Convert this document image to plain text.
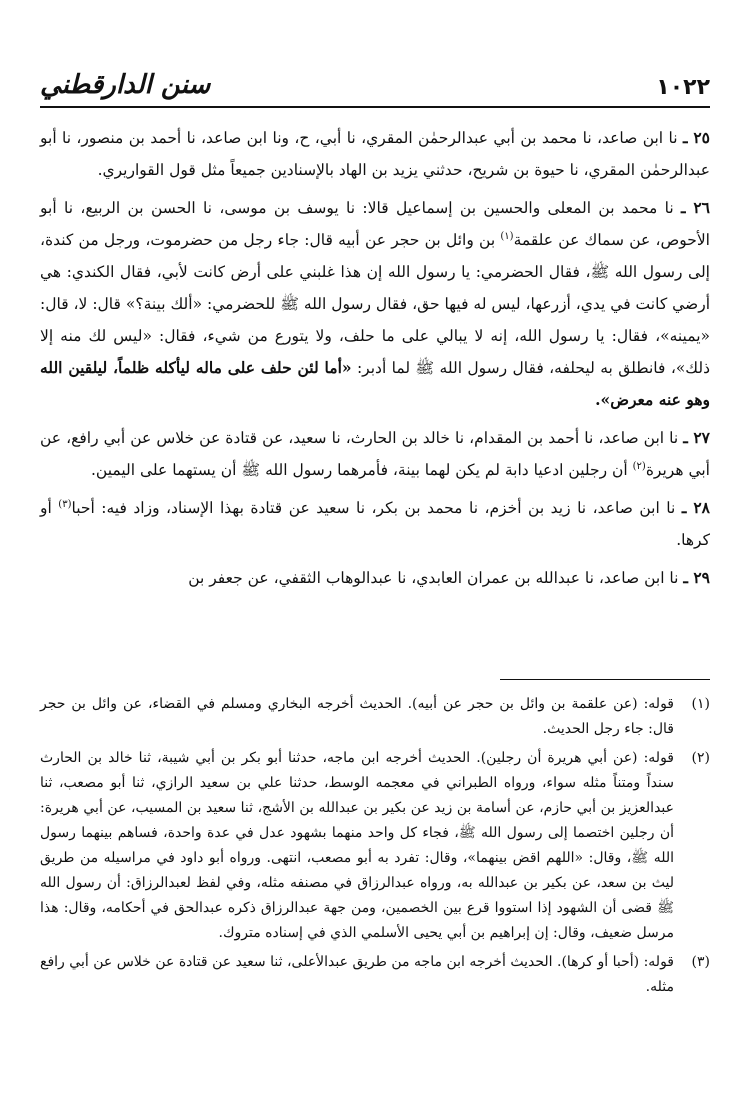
١٠٢٢
سنن الدارقطني

٢٥ ـ نا ابن صاعد، نا محمد بن أبي عبدالرحمٰن المقري، نا أبي، ح، ونا ابن صاعد، نا أحمد بن منصور، نا أبو عبدالرحمٰن المقري، نا حيوة بن شريح، حدثني يزيد بن الهاد بالإسنادين جميعاً مثل قول القواريري.

٢٦ ـ نا محمد بن المعلى والحسين بن إسماعيل قالا: نا يوسف بن موسى، نا الحسن بن الربيع، نا أبو الأحوص، عن سماك عن علقمة$^{(١)}$ بن وائل بن حجر عن أبيه قال: جاء رجل من حضرموت، ورجل من كندة، إلى رسول الله ﷺ، فقال الحضرمي: يا رسول الله إن هذا غلبني على أرض كانت لأبي، فقال الكندي: هي أرضي كانت في يدي، أزرعها، ليس له فيها حق، فقال رسول الله ﷺ للحضرمي: «ألك بينة؟» قال: لا، قال: «يمينه»، فقال: يا رسول الله، إنه لا يبالي على ما حلف، ولا يتورع من شيء، فقال: «ليس لك منه إلا ذلك»، فانطلق به ليحلفه، فقال رسول الله ﷺ لما أدبر: «أما لئن حلف على ماله ليأكله ظلماً، ليلقين الله وهو عنه معرض».

٢٧ ـ نا ابن صاعد، نا أحمد بن المقدام، نا خالد بن الحارث، نا سعيد، عن قتادة عن خلاس عن أبي رافع، عن أبي هريرة$^{(٢)}$ أن رجلين ادعيا دابة لم يكن لهما بينة، فأمرهما رسول الله ﷺ أن يستهما على اليمين.

٢٨ ـ نا ابن صاعد، نا زيد بن أخزم، نا محمد بن بكر، نا سعيد عن قتادة بهذا الإسناد، وزاد فيه: أحبا$^{(٣)}$ أو كرها.

٢٩ ـ نا ابن صاعد، نا عبدالله بن عمران العابدي، نا عبدالوهاب الثقفي، عن جعفر بن

(١)
قوله: (عن علقمة بن وائل بن حجر عن أبيه). الحديث أخرجه البخاري ومسلم في القضاء، عن وائل بن حجر قال: جاء رجل الحديث.
(٢)
قوله: (عن أبي هريرة أن رجلين). الحديث أخرجه ابن ماجه، حدثنا أبو بكر بن أبي شيبة، ثنا خالد بن الحارث سنداً ومتناً مثله سواء، ورواه الطبراني في معجمه الوسط، حدثنا علي بن سعيد الرازي، ثنا أبو مصعب، ثنا عبدالعزيز بن أبي حازم، عن أسامة بن زيد عن بكير بن عبدالله بن الأشج، ثنا سعيد بن المسيب، عن أبي هريرة: أن رجلين اختصما إلى رسول الله ﷺ، فجاء كل واحد منهما بشهود عدل في عدة واحدة، فساهم بينهما رسول الله ﷺ، وقال: «اللهم اقض بينهما»، وقال: تفرد به أبو مصعب، انتهى. ورواه أبو داود في مراسيله من طريق ليث بن سعد، عن بكير بن عبدالله به، ورواه عبدالرزاق في مصنفه مثله، وفي لفظ لعبدالرزاق: أن رسول الله ﷺ قضى أن الشهود إذا استووا قرع بين الخصمين، ومن جهة عبدالرزاق ذكره عبدالحق في أحكامه، وقال: هذا مرسل ضعيف، وقال: إن إبراهيم بن أبي يحيى الأسلمي الذي في إسناده متروك.
(٣)
قوله: (أحبا أو كرها). الحديث أخرجه ابن ماجه من طريق عبدالأعلى، ثنا سعيد عن قتادة عن خلاس عن أبي رافع مثله.
